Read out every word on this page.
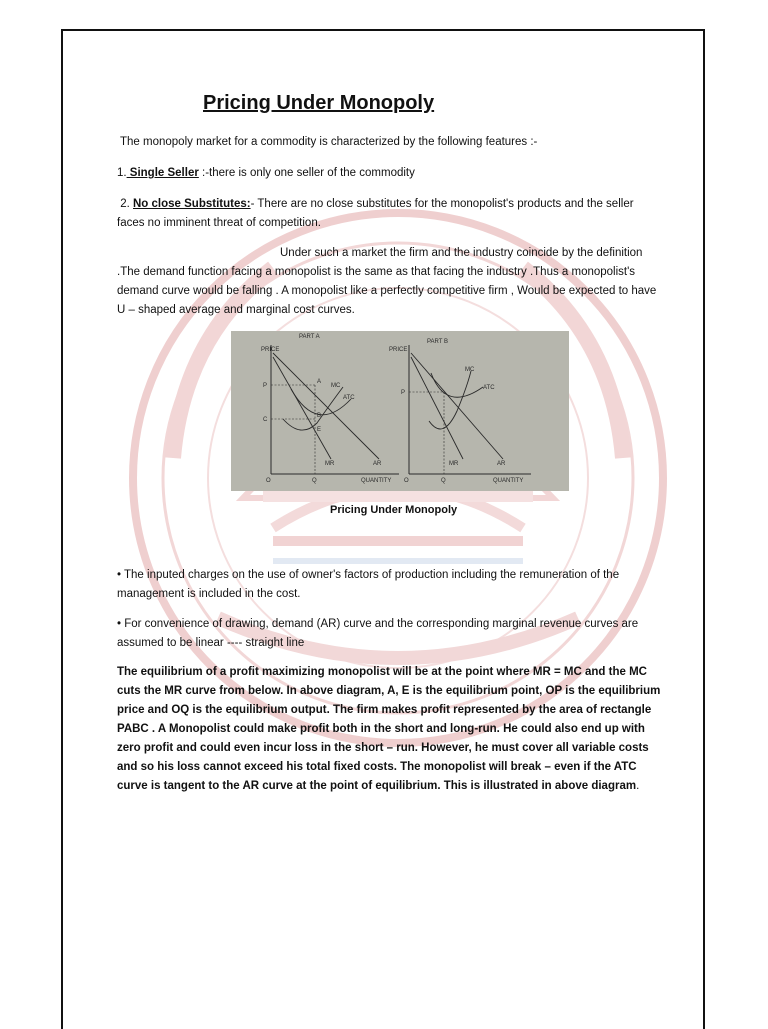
Pricing Under Monopoly

The monopoly market for a commodity is characterized by the following features :-

1. Single Seller :-there is only one seller of the commodity

2. No close Substitutes:- There are no close substitutes for the monopolist's products and the seller faces no imminent threat of competition.

Under such a market the firm and the industry coincide by the definition .The demand function facing a monopolist is the same as that facing the industry .Thus a monopolist's demand curve would be falling . A monopolist like a perfectly competitive firm , Would be expected to have U – shaped average and marginal cost curves.

PART A
PRICE
O	QUANTITY
P
C
Q
A
B
E
MC
ATC
MR	AR
PART B
PRICE
O	QUANTITY
P
Q
MC
ATC
MR	AR

Pricing Under Monopoly

• The inputed charges on the use of owner's factors of production including the remuneration of the management is included in the cost.

• For convenience of drawing, demand (AR) curve and the corresponding marginal revenue curves are assumed to be linear ---- straight line

The equilibrium of a profit maximizing monopolist will be at the point where MR = MC and the MC cuts the MR curve from below. In above diagram, A, E is the equilibrium point, OP is the equilibrium price and OQ is the equilibrium output. The firm makes profit represented by the area of rectangle PABC . A Monopolist could make profit both in the short and long-run. He could also end up with zero profit and could even incur loss in the short – run. However, he must cover all variable costs and so his loss cannot exceed his total fixed costs. The monopolist will break – even if the ATC curve is tangent to the AR curve at the point of equilibrium. This is illustrated in above diagram.
